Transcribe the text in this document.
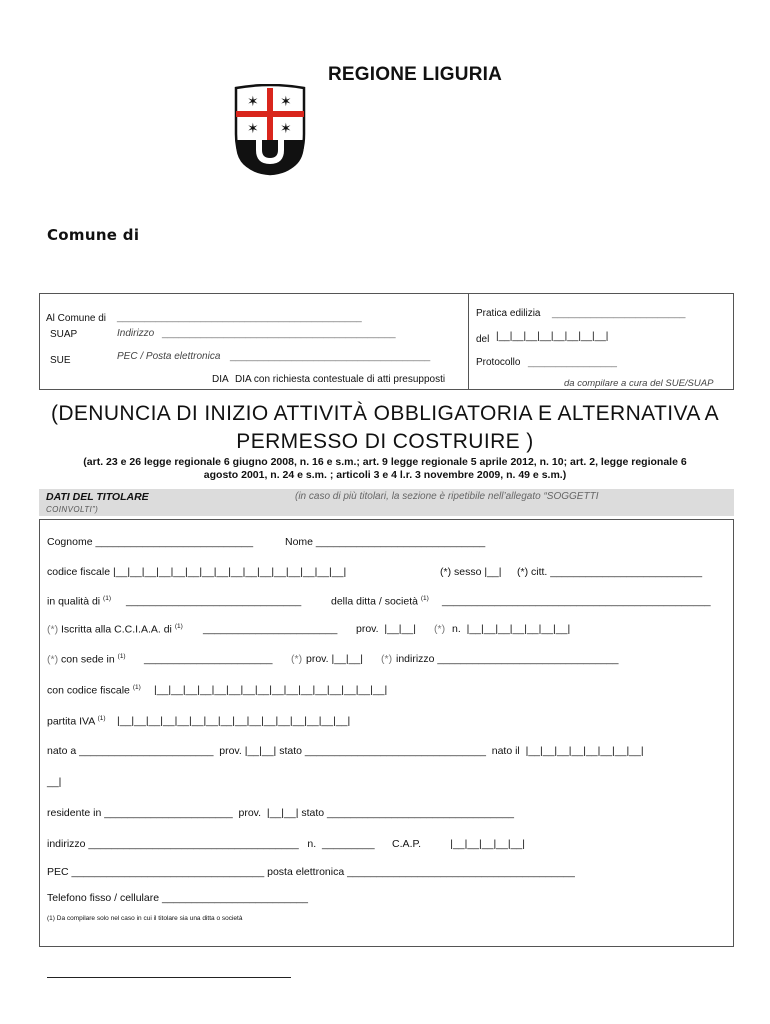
REGIONE LIGURIA
✶ ✶
✶ ✶
Comune di
Al Comune di ____________________________________________
SUAP	Indirizzo __________________________________________
SUE	PEC / Posta elettronica ____________________________________
DIA DIA con richiesta contestuale di atti presupposti
Pratica edilizia ________________________
del |__|__|__|__|__|__|__|__|
Protocollo ________________
da compilare a cura del SUE/SUAP
(DENUNCIA DI INIZIO ATTIVITÀ OBBLIGATORIA E ALTERNATIVA A
PERMESSO DI COSTRUIRE )
(art. 23 e 26 legge regionale 6 giugno 2008, n. 16 e s.m.; art. 9 legge regionale 5 aprile 2012, n. 10; art. 2, legge regionale 6
agosto 2001, n. 24 e s.m. ; articoli 3 e 4 l.r. 3 novembre 2009, n. 49 e s.m.)
DATI DEL TITOLARE	(in caso di più titolari, la sezione è ripetibile nell’allegato “SOGGETTI
COINVOLTI”)
Cognome ___________________________	Nome _____________________________
codice fiscale |__|__|__|__|__|__|__|__|__|__|__|__|__|__|__|__|	(*) sesso |__| (*) citt. __________________________
in qualità di $^{(1)}$ ______________________________	della ditta / società $^{(1)}$ ______________________________________________
(*) Iscritta alla C.C.I.A.A. di $^{(1)}$ _______________________ prov.  |__|__| (*) n.  |__|__|__|__|__|__|__|
(*) con sede in $^{(1)}$ ______________________ (*) prov. |__|__| (*) indirizzo _______________________________
con codice fiscale $^{(1)}$ |__|__|__|__|__|__|__|__|__|__|__|__|__|__|__|__|
partita IVA $^{(1)}$ |__|__|__|__|__|__|__|__|__|__|__|__|__|__|__|__|
nato a _______________________  prov. |__|__| stato _______________________________  nato il  |__|__|__|__|__|__|__|__|
__|
residente in ______________________  prov.  |__|__| stato ________________________________
indirizzo ____________________________________   n.  _________      C.A.P.          |__|__|__|__|__|
PEC _________________________________ posta elettronica _______________________________________
Telefono fisso / cellulare _________________________
(1) Da compilare solo nel caso in cui il titolare sia una ditta o società
